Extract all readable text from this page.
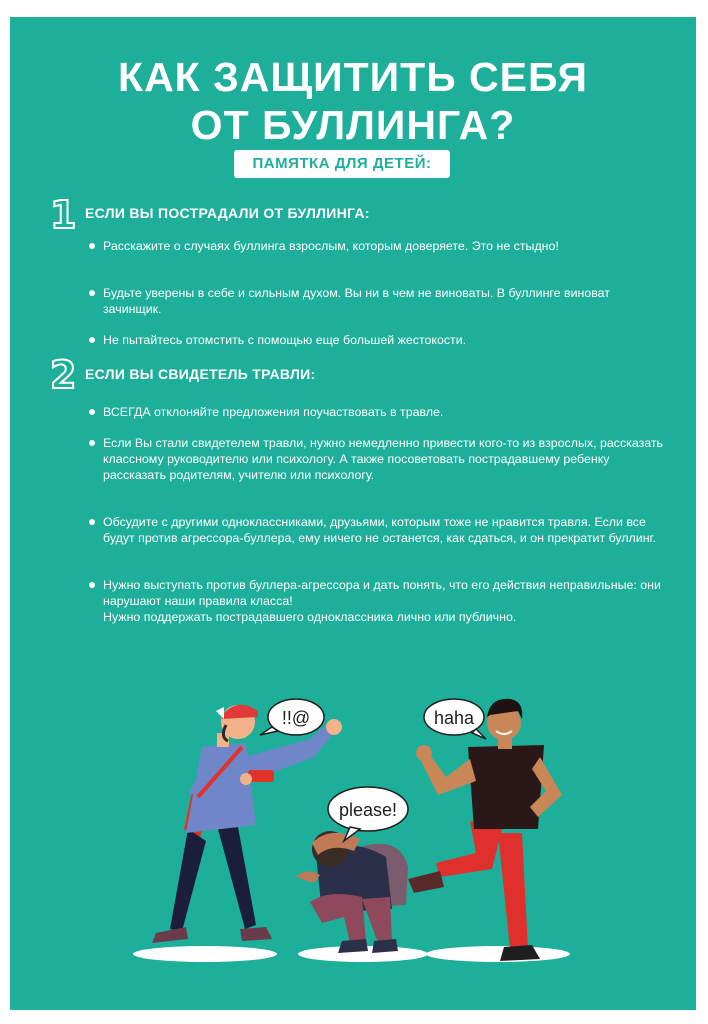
КАК ЗАЩИТИТЬ СЕБЯ
ОТ БУЛЛИНГА?
ПАМЯТКА ДЛЯ ДЕТЕЙ:
1 ЕСЛИ ВЫ ПОСТРАДАЛИ ОТ БУЛЛИНГА:
Расскажите о случаях буллинга взрослым, которым доверяете. Это не стыдно!
Будьте уверены в себе и сильным духом. Вы ни в чем не виноваты. В буллинге виноват зачинщик.
Не пытайтесь отомстить с помощью еще большей жестокости.
2 ЕСЛИ ВЫ СВИДЕТЕЛЬ ТРАВЛИ:
ВСЕГДА отклоняйте предложения поучаствовать в травле.
Если Вы стали свидетелем травли, нужно немедленно привести кого-то из взрослых, рассказать классному руководителю или психологу. А также посоветовать пострадавшему ребенку рассказать родителям, учителю или психологу.
Обсудите с другими одноклассниками, друзьями, которым тоже не нравится травля. Если все будут против агрессора-буллера, ему ничего не останется, как сдаться, и он прекратит буллинг.
Нужно выступать против буллера-агрессора и дать понять, что его действия неправильные: они нарушают наши правила класса!
Нужно поддержать пострадавшего одноклассника лично или публично.
!!@
please!
haha
